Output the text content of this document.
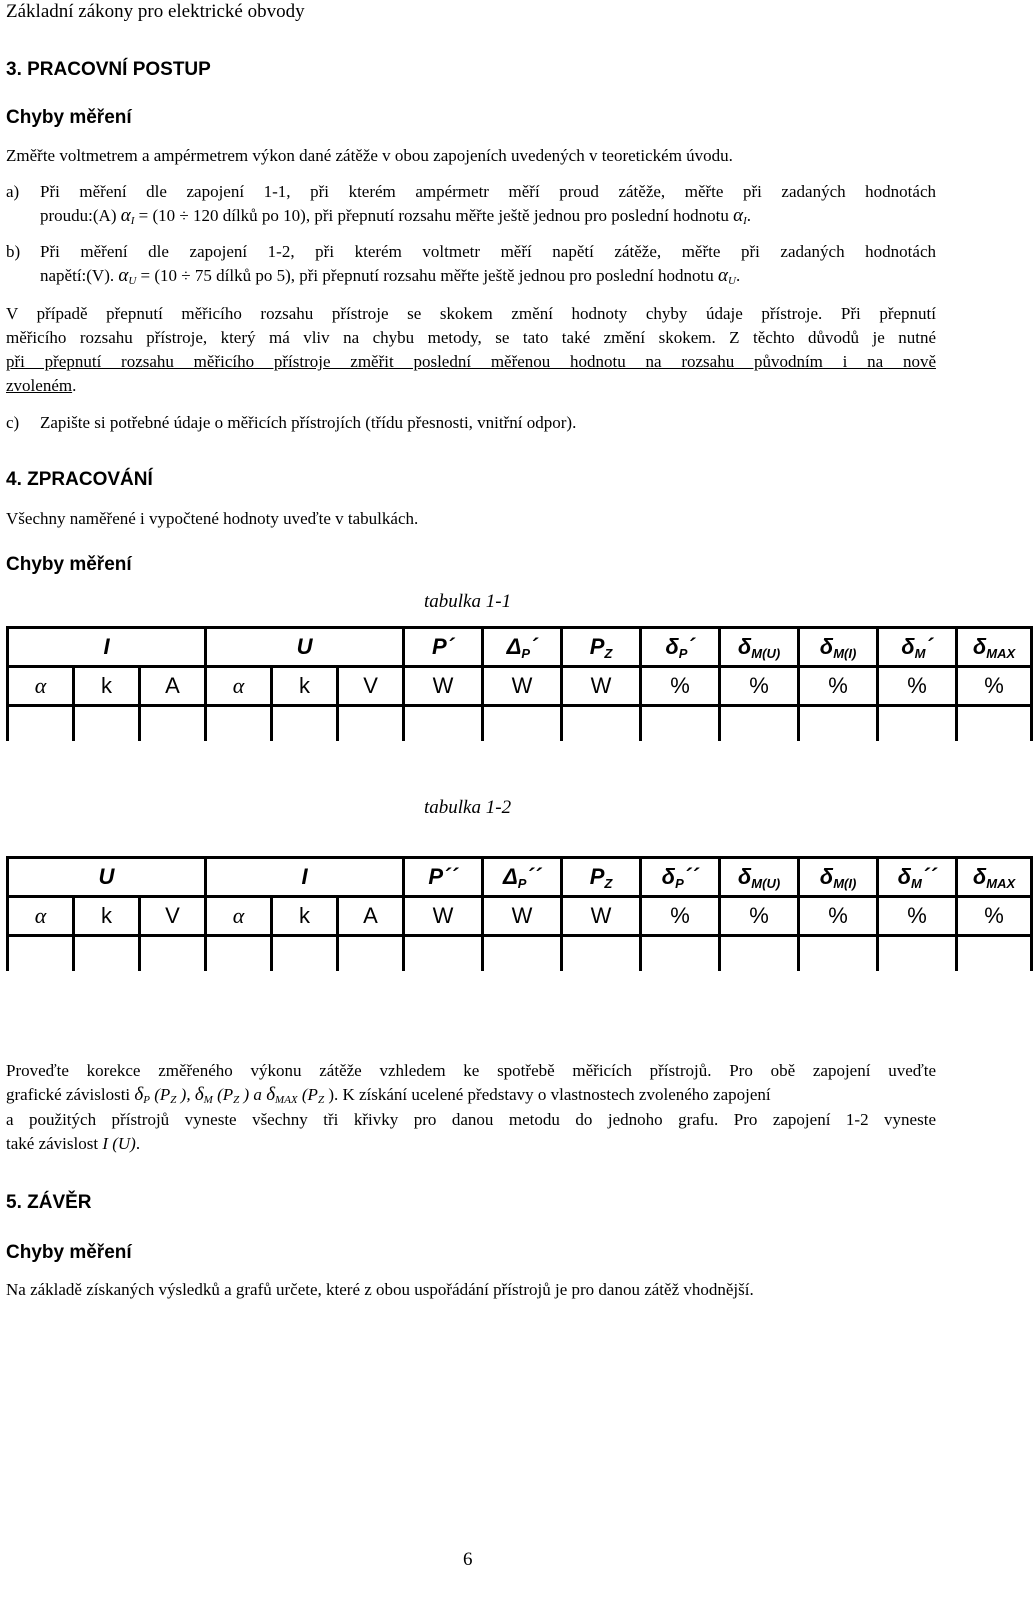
Základní zákony pro elektrické obvody
3. PRACOVNÍ POSTUP
Chyby měření
Změřte voltmetrem a ampérmetrem výkon dané zátěže v obou zapojeních uvedených v teoretickém úvodu.
a) Při měření dle zapojení 1-1, při kterém ampérmetr měří proud zátěže, měřte při zadaných hodnotách
proudu:(A) $\alpha_I = (10 \div 120$ dílků po 10), při přepnutí rozsahu měřte ještě jednou pro poslední hodnotu $\alpha_I$.
b) Při měření dle zapojení 1-2, při kterém voltmetr měří napětí zátěže, měřte při zadaných hodnotách
napětí:(V). $\alpha_U = (10 \div 75$ dílků po 5), při přepnutí rozsahu měřte ještě jednou pro poslední hodnotu $\alpha_U$.
V případě přepnutí měřicího rozsahu přístroje se skokem změní hodnoty chyby údaje přístroje. Při přepnutí
měřicího rozsahu přístroje, který má vliv na chybu metody, se tato také změní skokem. Z těchto důvodů je nutné
při přepnutí rozsahu měřicího přístroje změřit poslední měřenou hodnotu na rozsahu původním i na nově
zvoleném.
c) Zapište si potřebné údaje o měřicích přístrojích (třídu přesnosti, vnitřní odpor).
4. ZPRACOVÁNÍ
Všechny naměřené i vypočtené hodnoty uveďte v tabulkách.
Chyby měření
tabulka 1-1
I			U			P´	ΔP´	PZ	δP´	δM(U)	δM(I)	δM´	δMAX
α	k	A	α	k	V	W	W	W	%	%	%	%	%

tabulka 1-2
U			I			P´´	ΔP´´	PZ	δP´´	δM(U)	δM(I)	δM´´	δMAX
α	k	V	α	k	A	W	W	W	%	%	%	%	%

Proveďte korekce změřeného výkonu zátěže vzhledem ke spotřebě měřicích přístrojů. Pro obě zapojení uveďte
grafické závislosti $\delta_P$ ($P_Z$ ), $\delta_M$ ($P_Z$ ) a $\delta_{MAX}$ ($P_Z$ ). K získání ucelené představy o vlastnostech zvoleného zapojení
a použitých přístrojů vyneste všechny tři křivky pro danou metodu do jednoho grafu. Pro zapojení 1-2 vyneste
také závislost I (U).
5. ZÁVĚR
Chyby měření
Na základě získaných výsledků a grafů určete, které z obou uspořádání přístrojů je pro danou zátěž vhodnější.
6
